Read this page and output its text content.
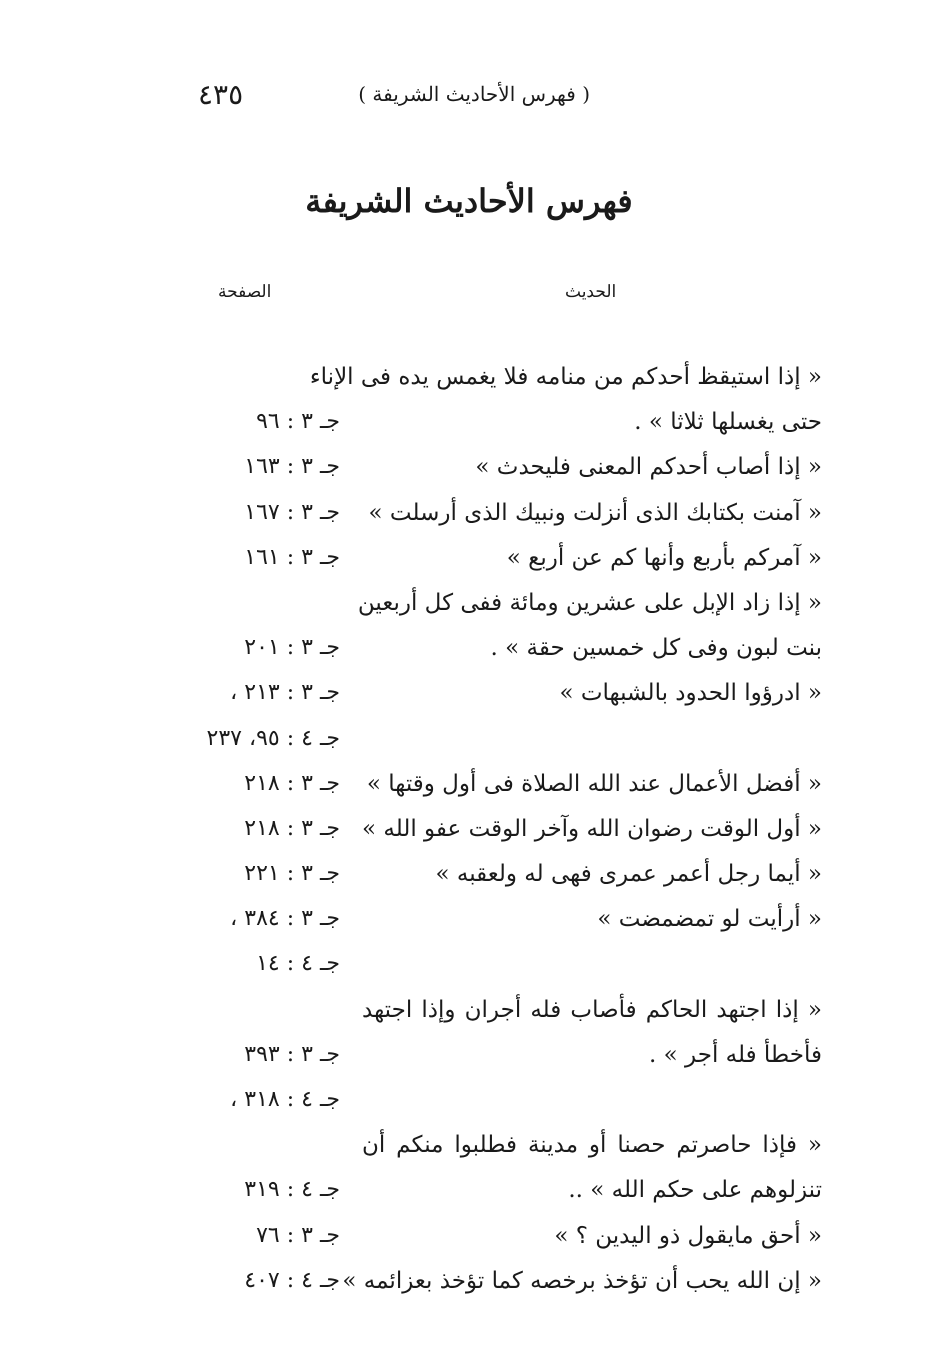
( فهرس الأحاديث الشريفة )
٤٣٥
فهرس الأحاديث الشريفة
الحديث
الصفحة
« إذا استيقظ أحدكم من منامه فلا يغمس يده فى الإناء
حتى يغسلها ثلاثا » .
جـ ٣ : ٩٦
« إذا أصاب أحدكم المعنى فليحدث »
جـ ٣ : ١٦٣
« آمنت بكتابك الذى أنزلت ونبيك الذى أرسلت »
جـ ٣ : ١٦٧
« آمركم بأربع وأنها كم عن أربع »
جـ ٣ : ١٦١
« إذا زاد الإبل على عشرين ومائة ففى كل أربعين
بنت لبون وفى كل خمسين حقة » .
جـ ٣ : ٢٠١
« ادرؤوا الحدود بالشبهات »
جـ ٣ : ٢١٣ ،
جـ ٤ : ٩٥، ٢٣٧
« أفضل الأعمال عند الله الصلاة فى أول وقتها »
جـ ٣ : ٢١٨
« أول الوقت رضوان الله وآخر الوقت عفو الله »
جـ ٣ : ٢١٨
« أيما رجل أعمر عمرى فهى له ولعقبه »
جـ ٣ : ٢٢١
« أرأيت لو تمضمضت »
جـ ٣ : ٣٨٤ ،
جـ ٤ : ١٤
« إذا اجتهد الحاكم فأصاب فله أجران وإذا اجتهد
فأخطأ فله أجر » .
جـ ٣ : ٣٩٣
جـ ٤ : ٣١٨ ،
« فإذا حاصرتم حصنا أو مدينة فطلبوا منكم أن
تنزلوهم على حكم الله » ..
جـ ٤ : ٣١٩
« أحق مايقول ذو اليدين ؟ »
جـ ٣ : ٧٦
« إن الله يحب أن تؤخذ برخصه كما تؤخذ بعزائمه »
جـ ٤ : ٤٠٧
